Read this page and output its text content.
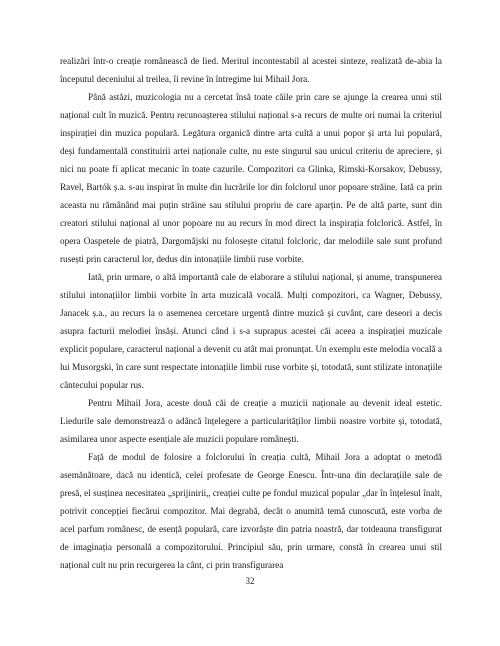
realizări într-o creație românească de lied. Meritul incontestabil al acestei sinteze, realizată de-abia la începutul deceniului al treilea, îi revine în întregime lui Mihail Jora.

Până astăzi, muzicologia nu a cercetat însă toate căile prin care se ajunge la crearea unui stil național cult în muzică. Pentru recunoașterea stilului național s-a recurs de multe ori numai la criteriul inspirației din muzica populară. Legătura organică dintre arta cultă a unui popor și arta lui populară, deși fundamentală constituirii artei naționale culte, nu este singurul sau unicul criteriu de apreciere, și nici nu poate fi aplicat mecanic în toate cazurile. Compozitori ca Glinka, Rimski-Korsakov, Debussy, Ravel, Bartók ș.a. s-au inspirat în multe din lucrările lor din folclorul unor popoare străine. Iată ca prin aceasta nu rămânând mai puțin străine sau stilului propriu de care aparțin. Pe de altă parte, sunt din creatori stilului național al unor popoare nu au recurs în mod direct la inspirația folclorică. Astfel, în opera Oaspetele de piatră, Dargomâjski nu folosește citatul folcloric, dar melodiile sale sunt profund rusești prin caracterul lor, dedus din intonațiile limbii ruse vorbite.

Iată, prin urmare, o altă importantă cale de elaborare a stilului național, și anume, transpunerea stilului intonațiilor limbii vorbite în arta muzicală vocală. Mulți compozitori, ca Wagner, Debussy, Janacek ș.a., au recurs la o asemenea cercetare urgentă dintre muzică și cuvânt, care deseori a decis asupra facturii melodiei însăși. Atunci când i s-a suprapus acestei căi aceea a inspirației muzicale explicit populare, caracterul național a devenit cu atât mai pronunțat. Un exemplu este melodia vocală a lui Musorgski, în care sunt respectate intonațiile limbii ruse vorbite și, totodată, sunt stilizate intonațiile cântecului popular rus.

Pentru Mihail Jora, aceste două căi de creație a muzicii naționale au devenit ideal estetic. Liedurile sale demonstrează o adâncă înțelegere a particularităților limbii noastre vorbite și, totodată, asimilarea unor aspecte esențiale ale muzicii populare românești.

Față de modul de folosire a folclorului în creația cultă, Mihail Jora a adoptat o metodă asemănătoare, dacă nu identică, celei profesate de George Enescu. Într-una din declarațiile sale de presă, el susținea necesitatea „sprijinirii„ creației culte pe fondul muzical popular „dar în înțelesul înalt, potrivit concepției fiecărui compozitor. Mai degrabă, decât o anumită temă cunoscută, este vorba de acel parfum românesc, de esență populară, care izvorăște din patria noastră, dar totdeauna transfigurat de imaginația personală a compozitorului. Principiul său, prin urmare, constă în crearea unui stil național cult nu prin recurgerea la cânt, ci prin transfigurarea

32
